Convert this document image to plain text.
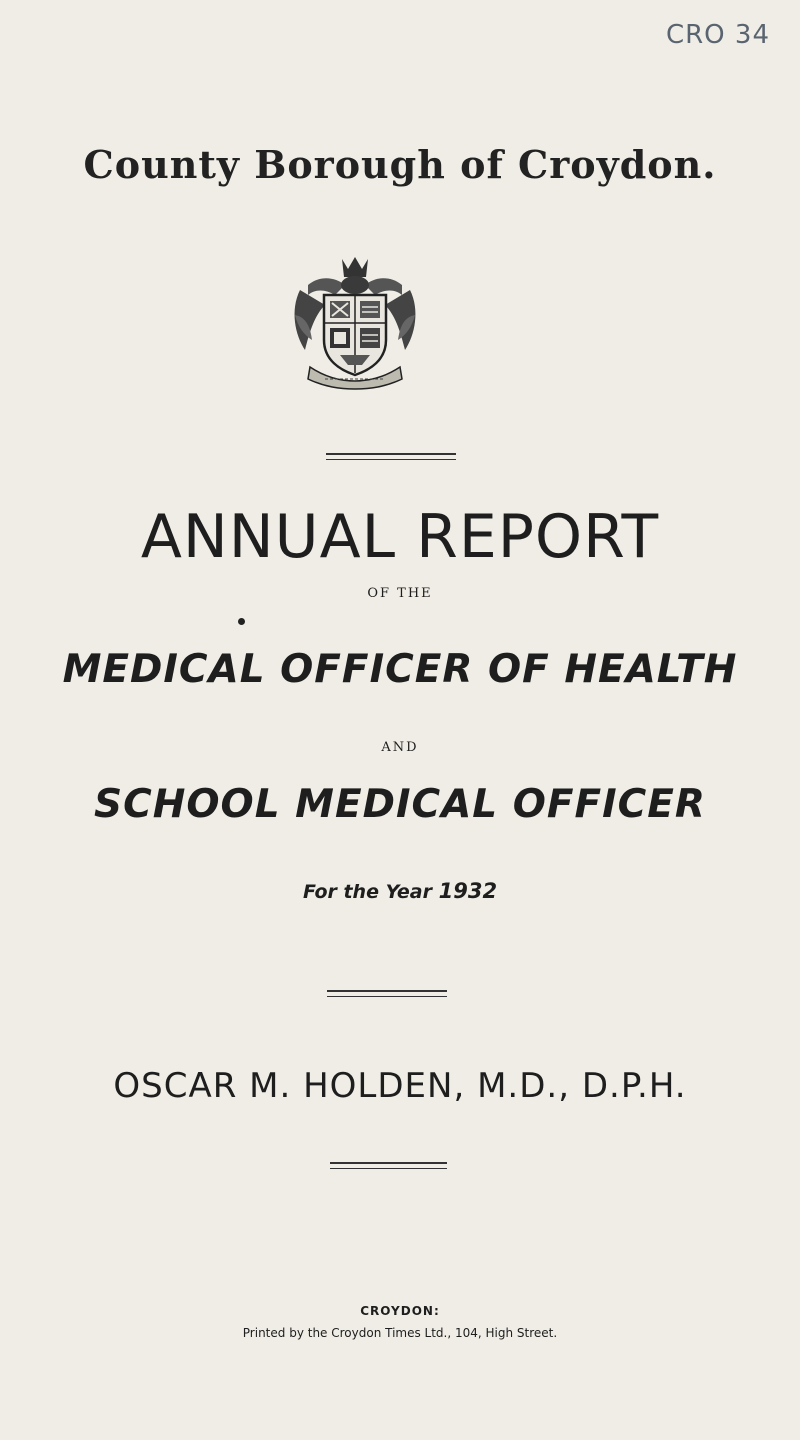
CRO 34
County Borough of Croydon.
ANNUAL REPORT
OF THE
MEDICAL OFFICER OF HEALTH
AND
SCHOOL MEDICAL OFFICER
For the Year 1932
OSCAR M. HOLDEN, M.D., D.P.H.
CROYDON:
Printed by the Croydon Times Ltd., 104, High Street.
